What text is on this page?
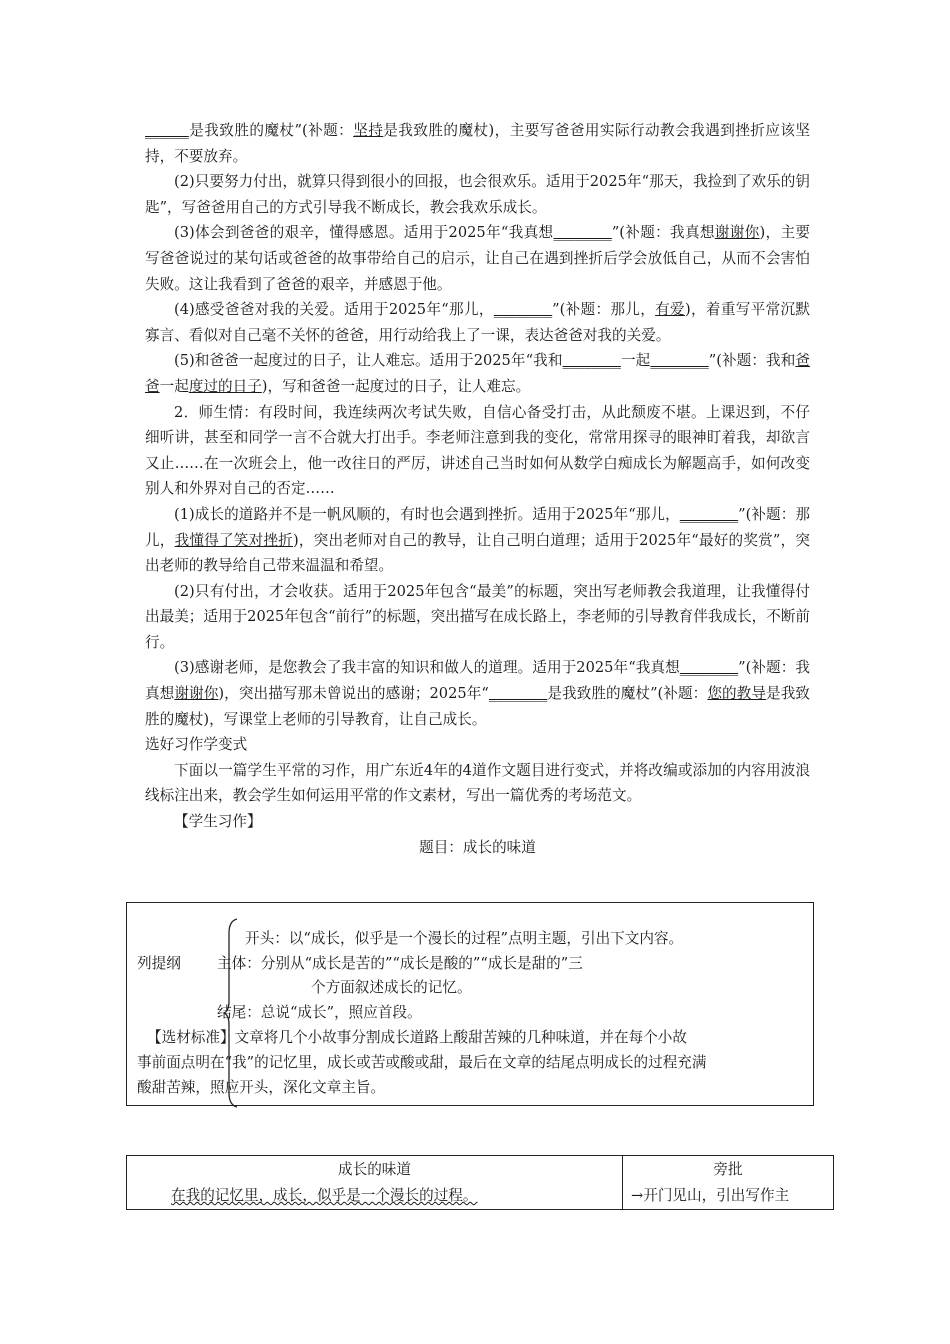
______是我致胜的魔杖”(补题：坚持是我致胜的魔杖)，主要写爸爸用实际行动教会我遇到挫折应该坚持，不要放弃。

(2)只要努力付出，就算只得到很小的回报，也会很欢乐。适用于2025年“那天，我捡到了欢乐的钥匙”，写爸爸用自己的方式引导我不断成长，教会我欢乐成长。

(3)体会到爸爸的艰辛，懂得感恩。适用于2025年“我真想________”(补题：我真想谢谢你)，主要写爸爸说过的某句话或爸爸的故事带给自己的启示，让自己在遇到挫折后学会放低自己，从而不会害怕失败。这让我看到了爸爸的艰辛，并感恩于他。

(4)感受爸爸对我的关爱。适用于2025年“那儿，________”(补题：那儿，有爱)，着重写平常沉默寡言、看似对自己毫不关怀的爸爸，用行动给我上了一课，表达爸爸对我的关爱。

(5)和爸爸一起度过的日子，让人难忘。适用于2025年“我和________一起________”(补题：我和爸爸一起度过的日子)，写和爸爸一起度过的日子，让人难忘。

2．师生情：有段时间，我连续两次考试失败，自信心备受打击，从此颓废不堪。上课迟到，不仔细听讲，甚至和同学一言不合就大打出手。李老师注意到我的变化，常常用探寻的眼神盯着我，却欲言又止……在一次班会上，他一改往日的严厉，讲述自己当时如何从数学白痴成长为解题高手，如何改变别人和外界对自己的否定……

(1)成长的道路并不是一帆风顺的，有时也会遇到挫折。适用于2025年“那儿，________”(补题：那儿，我懂得了笑对挫折)，突出老师对自己的教导，让自己明白道理；适用于2025年“最好的奖赏”，突出老师的教导给自己带来温温和希望。

(2)只有付出，才会收获。适用于2025年包含“最美”的标题，突出写老师教会我道理，让我懂得付出最美；适用于2025年包含“前行”的标题，突出描写在成长路上，李老师的引导教育伴我成长，不断前行。

(3)感谢老师，是您教会了我丰富的知识和做人的道理。适用于2025年“我真想________”(补题：我真想谢谢你)，突出描写那未曾说出的感谢；2025年“________是我致胜的魔杖”(补题：您的教导是我致胜的魔杖)，写课堂上老师的引导教育，让自己成长。

选好习作学变式

下面以一篇学生平常的习作，用广东近4年的4道作文题目进行变式，并将改编或添加的内容用波浪线标注出来，教会学生如何运用平常的作文素材，写出一篇优秀的考场范文。

【学生习作】

题目：成长的味道

列提纲
开头：以“成长，似乎是一个漫长的过程”点明主题，引出下文内容。
主体：分别从“成长是苦的”“成长是酸的”“成长是甜的”三
个方面叙述成长的记忆。
结尾：总说“成长”，照应首段。
【选材标准】文章将几个小故事分割成长道路上酸甜苦辣的几种味道，并在每个小故
事前面点明在“我”的记忆里，成长或苦或酸或甜，最后在文章的结尾点明成长的过程充满
酸甜苦辣，照应开头，深化文章主旨。
成长的味道
在我的记忆里，成长，似乎是一个漫长的过程。
旁批
→开门见山，引出写作主
